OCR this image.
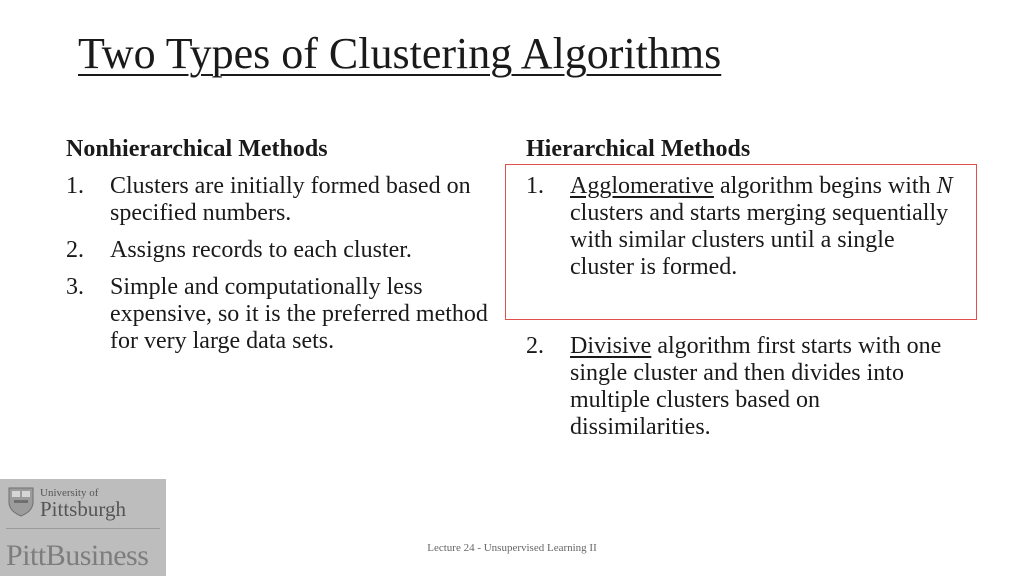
Two Types of Clustering Algorithms
Nonhierarchical Methods
1.	Clusters are initially formed based on specified numbers.
2.	Assigns records to each cluster.
3.	Simple and computationally less expensive, so it is the preferred method for very large data sets.
Hierarchical Methods
1.	Agglomerative algorithm begins with N clusters and starts merging sequentially with similar clusters until a single cluster is formed.
2.	Divisive algorithm first starts with one single cluster and then divides into multiple clusters based on dissimilarities.
University of
Pittsburgh
PittBusiness	Lecture 24 - Unsupervised Learning II
